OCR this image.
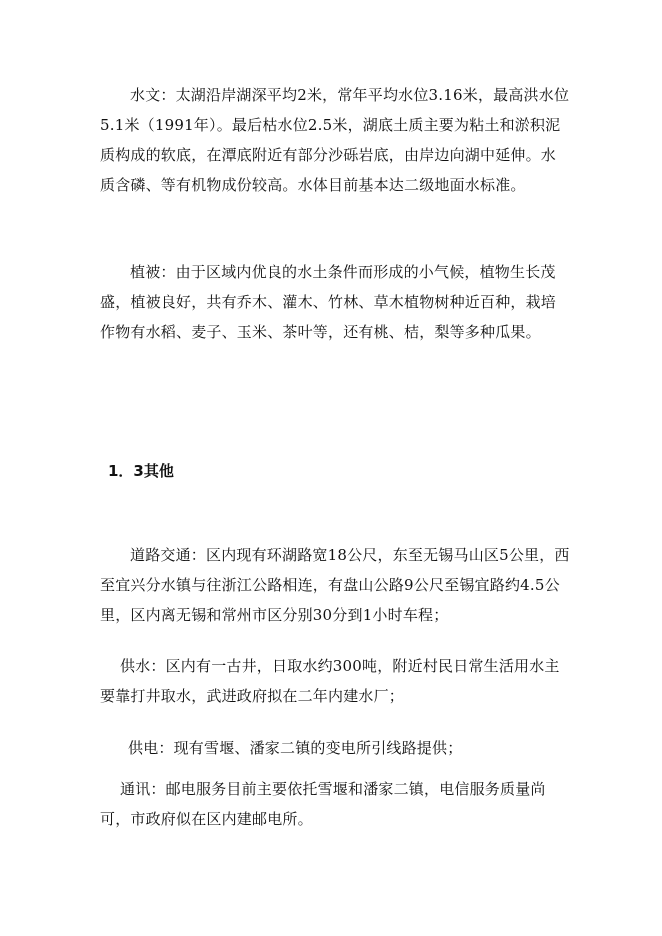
水文：太湖沿岸湖深平均2米，常年平均水位3.16米，最高洪水位5.1米（1991年）。最后枯水位2.5米，湖底土质主要为粘土和淤积泥质构成的软底，在潭底附近有部分沙砾岩底，由岸边向湖中延伸。水质含磷、等有机物成份较高。水体目前基本达二级地面水标准。

植被：由于区域内优良的水土条件而形成的小气候，植物生长茂盛，植被良好，共有乔木、灌木、竹林、草木植物树种近百种，栽培作物有水稻、麦子、玉米、茶叶等，还有桃、桔，梨等多种瓜果。

1．3其他

道路交通：区内现有环湖路宽18公尺，东至无锡马山区5公里，西至宜兴分水镇与往浙江公路相连，有盘山公路9公尺至锡宜路约4.5公里，区内离无锡和常州市区分别30分到1小时车程；

供水：区内有一古井，日取水约300吨，附近村民日常生活用水主要靠打井取水，武进政府拟在二年内建水厂；

供电：现有雪堰、潘家二镇的变电所引线路提供；

通讯：邮电服务目前主要依托雪堰和潘家二镇，电信服务质量尚可，市政府似在区内建邮电所。
